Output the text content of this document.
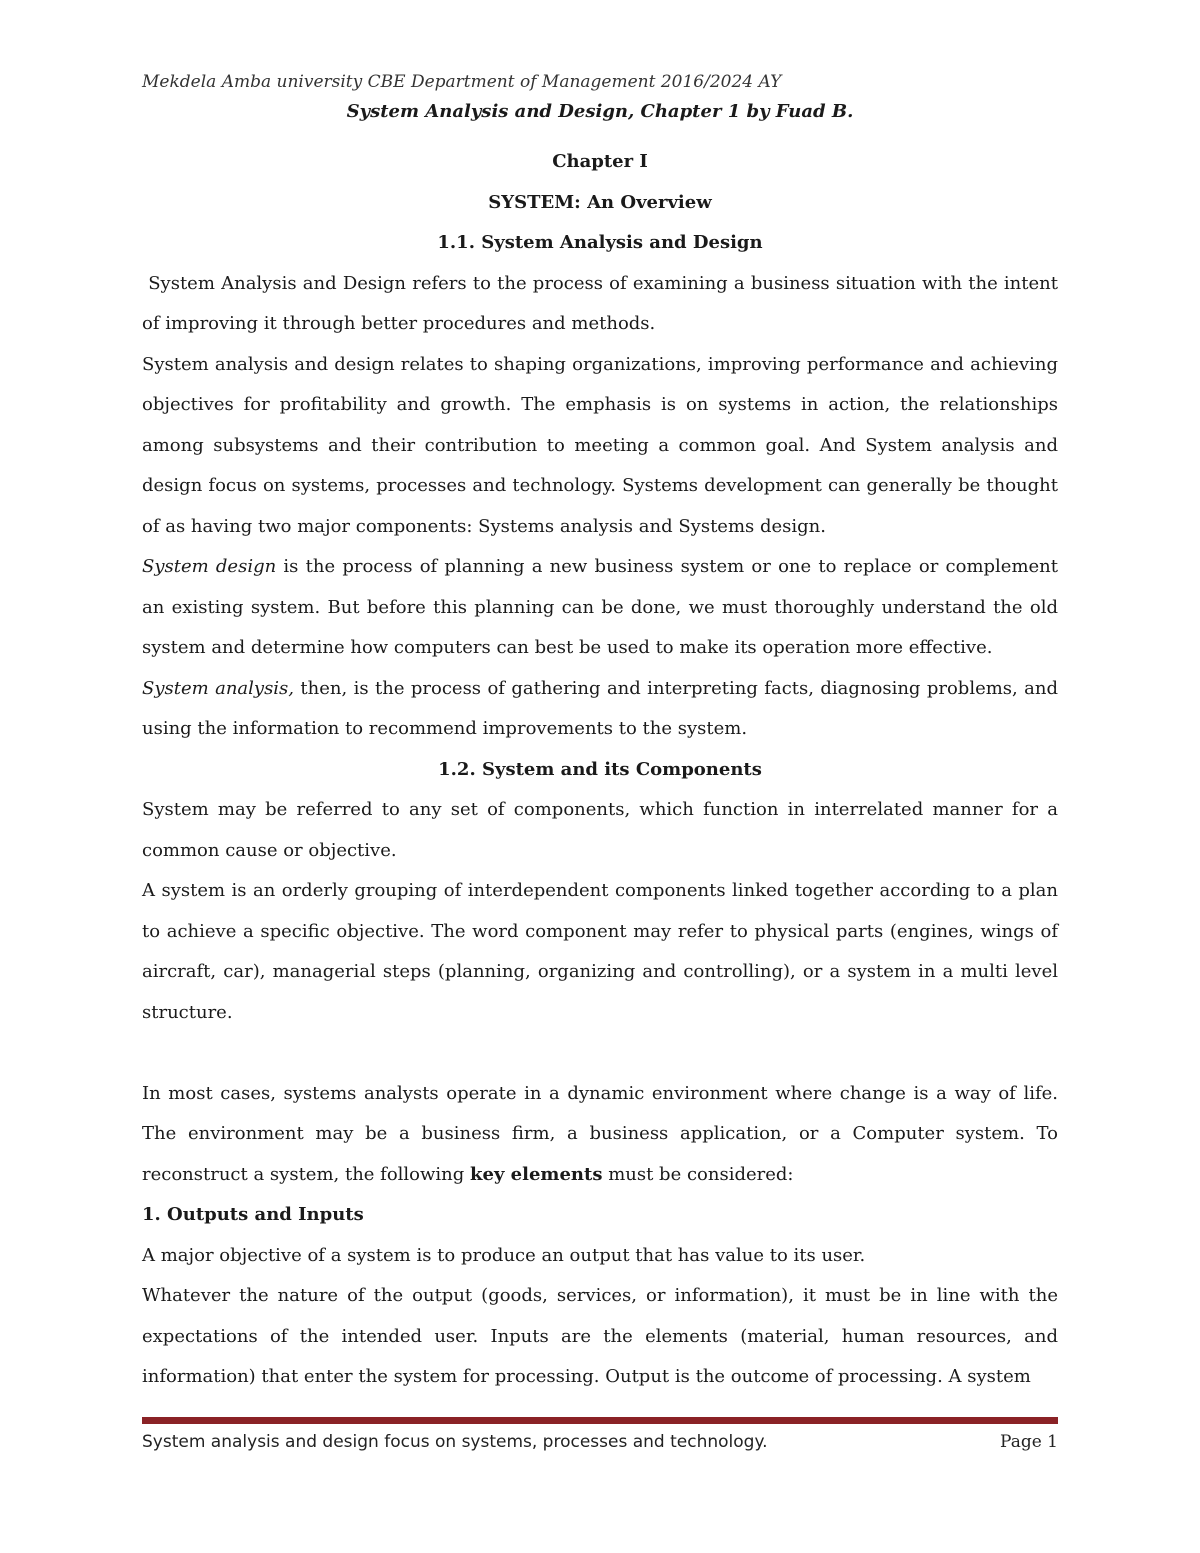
Mekdela Amba university CBE Department of Management 2016/2024 AY
System Analysis and Design, Chapter 1 by Fuad B.

Chapter I

SYSTEM: An Overview

1.1. System Analysis and Design

System Analysis and Design refers to the process of examining a business situation with the intent of improving it through better procedures and methods.

System analysis and design relates to shaping organizations, improving performance and achieving objectives for profitability and growth. The emphasis is on systems in action, the relationships among subsystems and their contribution to meeting a common goal. And System analysis and design focus on systems, processes and technology. Systems development can generally be thought of as having two major components: Systems analysis and Systems design.

System design is the process of planning a new business system or one to replace or complement an existing system. But before this planning can be done, we must thoroughly understand the old system and determine how computers can best be used to make its operation more effective.

System analysis, then, is the process of gathering and interpreting facts, diagnosing problems, and using the information to recommend improvements to the system.

1.2. System and its Components

System may be referred to any set of components, which function in interrelated manner for a common cause or objective.

A system is an orderly grouping of interdependent components linked together according to a plan to achieve a specific objective. The word component may refer to physical parts (engines, wings of aircraft, car), managerial steps (planning, organizing and controlling), or a system in a multi level structure.

In most cases, systems analysts operate in a dynamic environment where change is a way of life. The environment may be a business firm, a business application, or a Computer system. To reconstruct a system, the following key elements must be considered:

1. Outputs and Inputs

A major objective of a system is to produce an output that has value to its user.

Whatever the nature of the output (goods, services, or information), it must be in line with the expectations of the intended user. Inputs are the elements (material, human resources, and information) that enter the system for processing. Output is the outcome of processing. A system

System analysis and design focus on systems, processes and technology.	Page 1
